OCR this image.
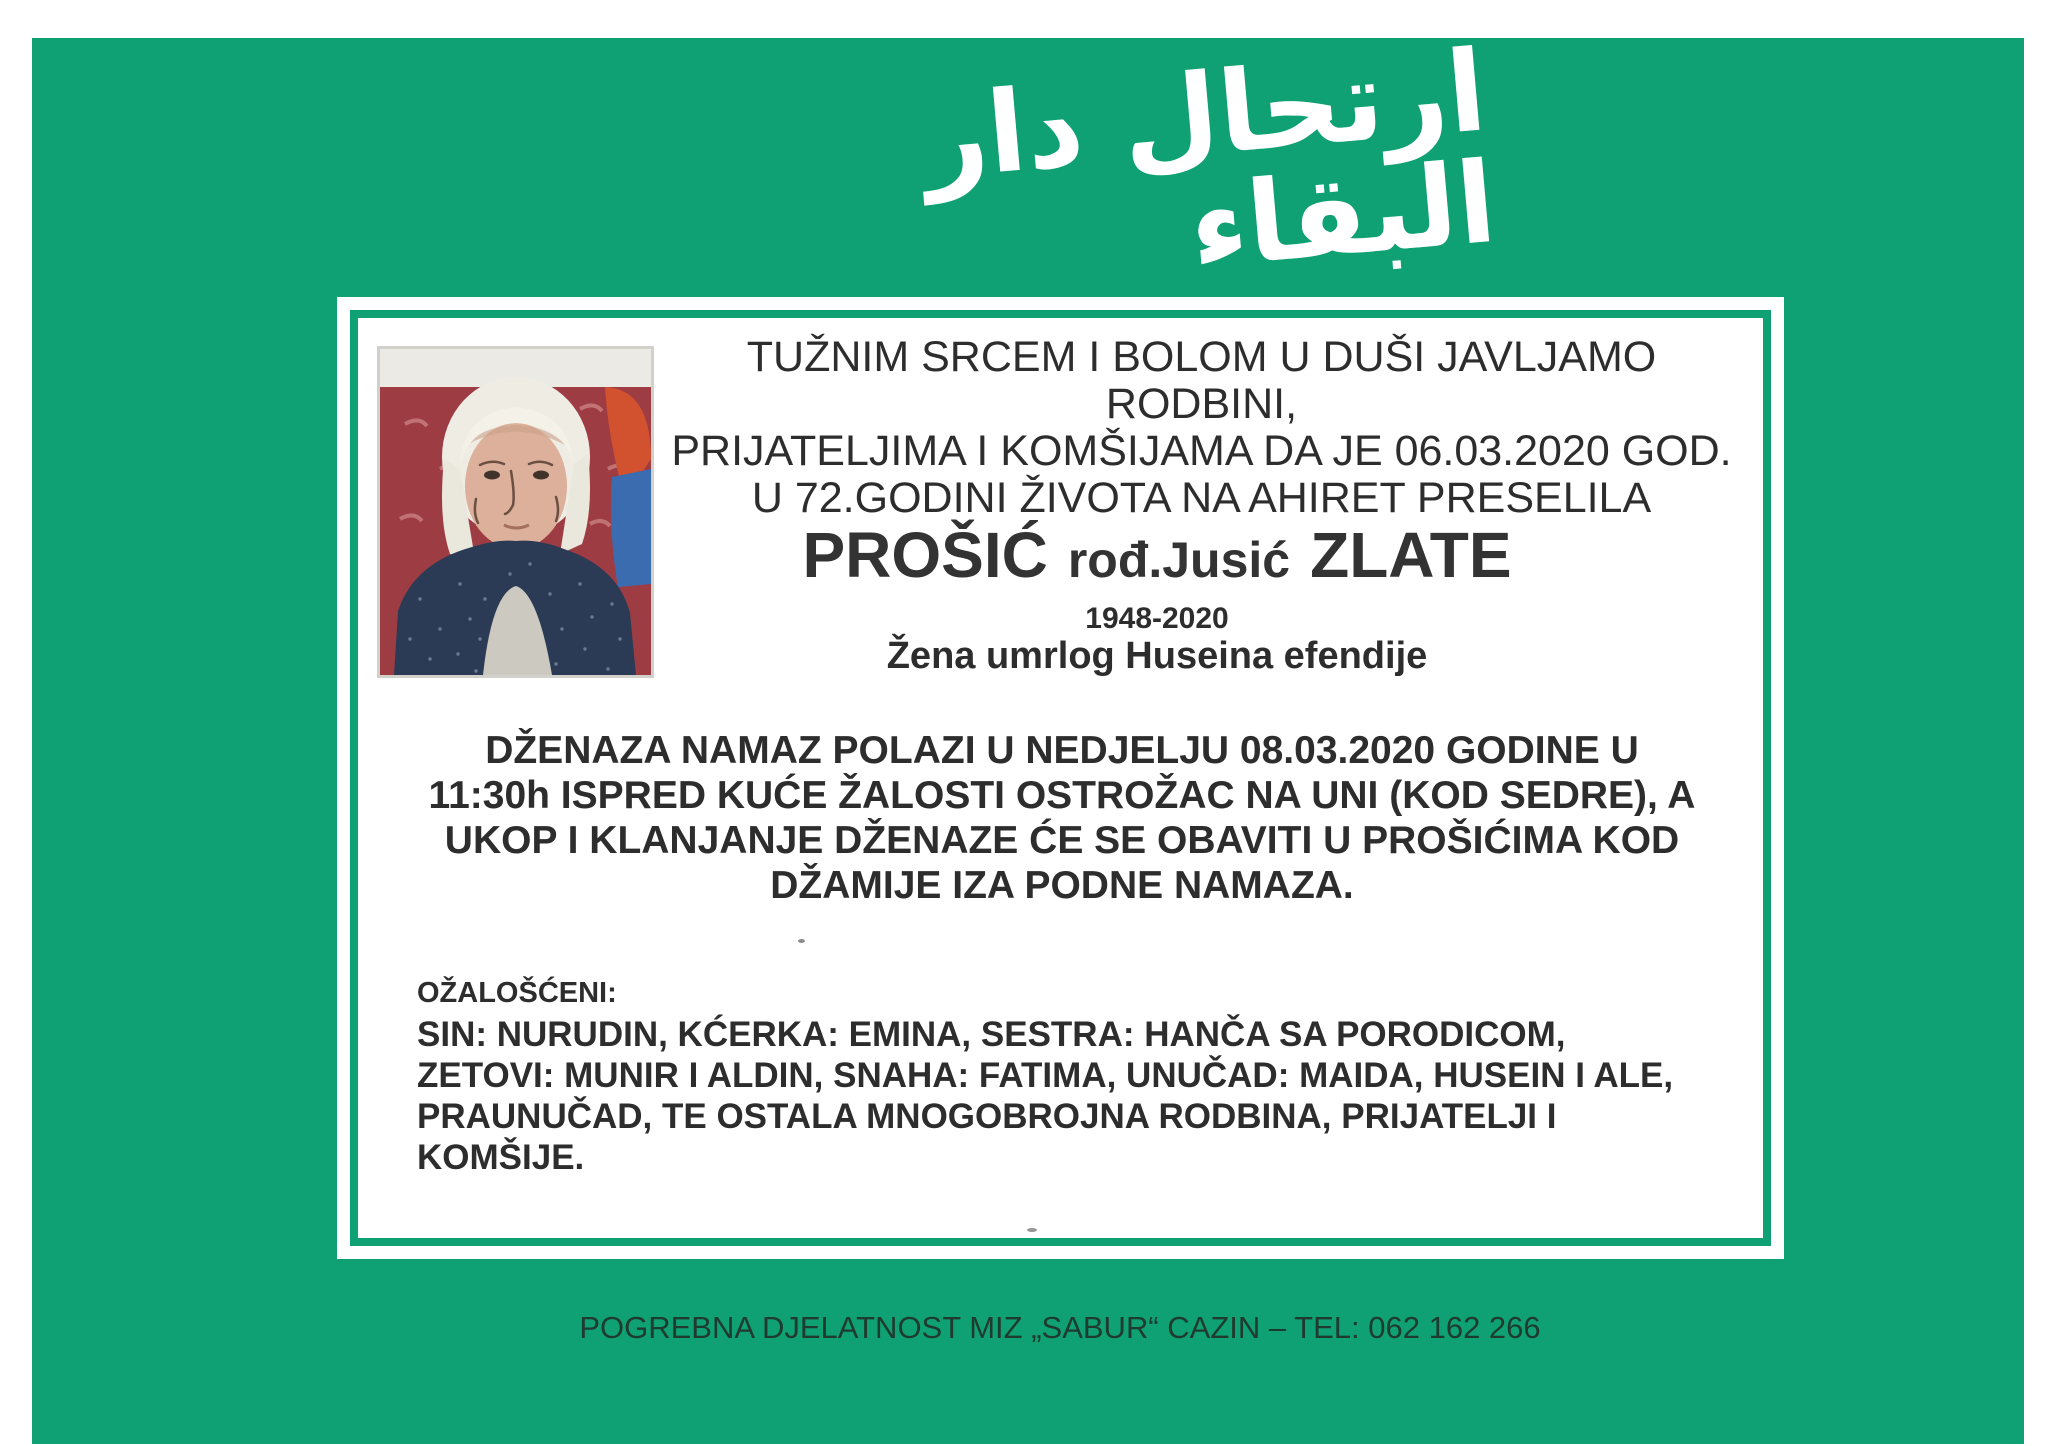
ارتحال دار البقاء
TUŽNIM SRCEM I BOLOM U DUŠI JAVLJAMO RODBINI,
PRIJATELJIMA I KOMŠIJAMA DA JE 06.03.2020 GOD.
U 72.GODINI ŽIVOTA NA AHIRET PRESELILA
PROŠIĆ rođ.Jusić ZLATE
1948-2020
Žena umrlog Huseina efendije
DŽENAZA NAMAZ POLAZI U NEDJELJU 08.03.2020 GODINE U
11:30h ISPRED KUĆE ŽALOSTI OSTROŽAC NA UNI (KOD SEDRE), A
UKOP I KLANJANJE DŽENAZE ĆE SE OBAVITI U PROŠIĆIMA KOD
DŽAMIJE IZA PODNE NAMAZA.
OŽALOŠĆENI:
SIN: NURUDIN, KĆERKA: EMINA, SESTRA: HANČA SA PORODICOM,
ZETOVI: MUNIR I ALDIN, SNAHA: FATIMA, UNUČAD: MAIDA, HUSEIN I ALE,
PRAUNUČAD, TE OSTALA MNOGOBROJNA RODBINA, PRIJATELJI I
KOMŠIJE.
POGREBNA DJELATNOST MIZ „SABUR“ CAZIN – TEL: 062 162 266
